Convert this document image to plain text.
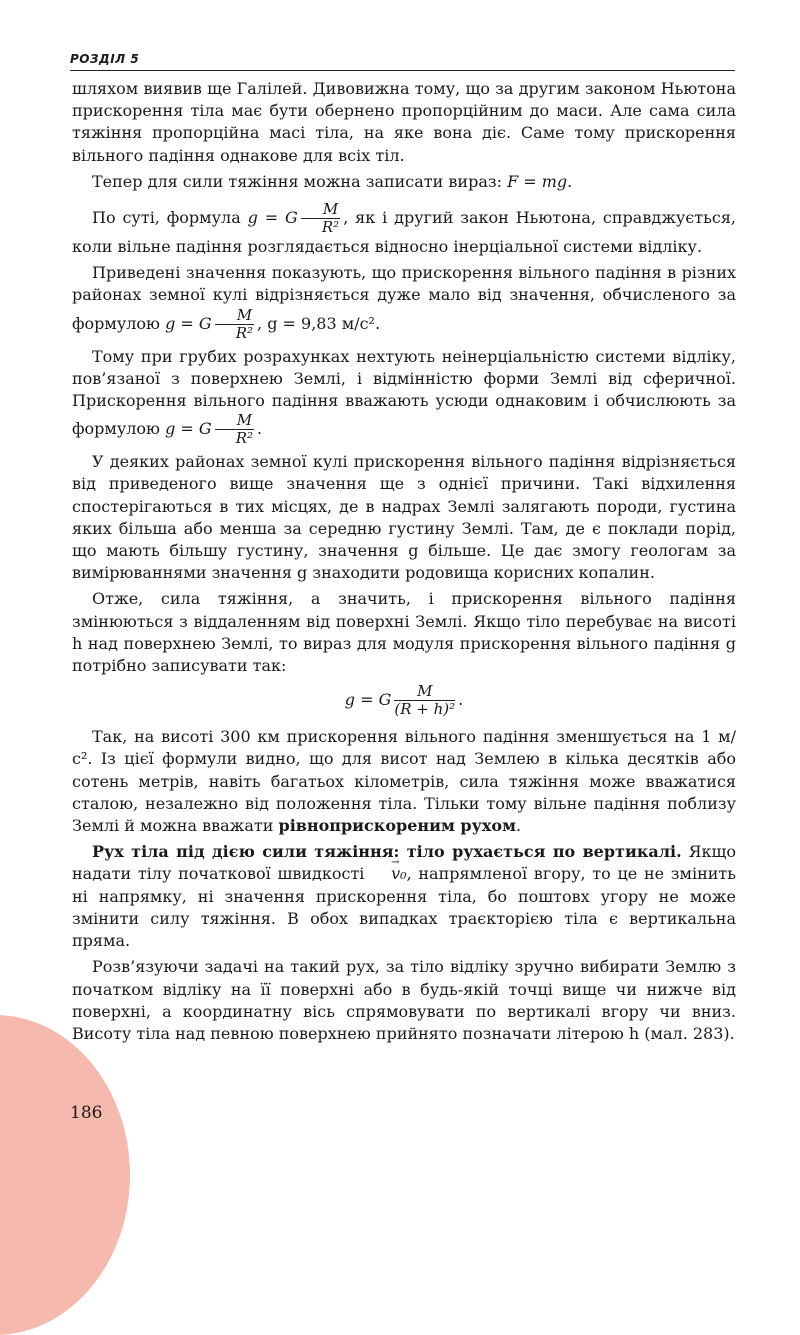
РОЗДІЛ 5

шляхом виявив ще Галілей. Дивовижна тому, що за другим законом Ньютона прискорення тіла має бути обернено пропорційним до маси. Але сама сила тяжіння пропорційна масі тіла, на яке вона діє. Саме тому прискорення вільного падіння однакове для всіх тіл.

Тепер для сили тяжіння можна записати вираз: F = mg.

По суті, формула g = G $\frac{M}{\text{R²}}$ , як і другий закон Ньютона, справджується, коли вільне падіння розглядається відносно інерціальної системи відліку.

Приведені значення показують, що прискорення вільного падіння в різних районах земної кулі відрізняється дуже мало від значення, обчисленого за формулою g = G $\frac{M}{\text{R²}}$ , g = 9,83 м/с².

Тому при грубих розрахунках нехтують неінерціальністю системи відліку, пов’язаної з поверхнею Землі, і відмінністю форми Землі від сферичної. Прискорення вільного падіння вважають усюди однаковим і обчислюють за формулою g = G $\frac{M}{\text{R²}}$ .

У деяких районах земної кулі прискорення вільного падіння відрізняється від приведеного вище значення ще з однієї причини. Такі відхилення спостерігаються в тих місцях, де в надрах Землі залягають породи, густина яких більша або менша за середню густину Землі. Там, де є поклади порід, що мають більшу густину, значення g більше. Це дає змогу геологам за вимірюваннями значення g знаходити родовища корисних копалин.

Отже, сила тяжіння, а значить, і прискорення вільного падіння змінюються з віддаленням від поверхні Землі. Якщо тіло перебуває на висоті h над поверхнею Землі, то вираз для модуля прискорення вільного падіння g потрібно записувати так:

g = G $\frac{M}{\text{(R + h)²}}$ .

Так, на висоті 300 км прискорення вільного падіння зменшується на 1 м/с². Із цієї формули видно, що для висот над Землею в кілька десятків або сотень метрів, навіть багатьох кілометрів, сила тяжіння може вважатися сталою, незалежно від положення тіла. Тільки тому вільне падіння поблизу Землі й можна вважати рівноприскореним рухом.

Рух тіла під дією сили тяжіння: тіло рухається по вертикалі. Якщо надати тілу початкової швидкості → v₀, напрямленої вгору, то це не змінить ні напрямку, ні значення прискорення тіла, бо поштовх угору не може змінити силу тяжіння. В обох випадках траєкторією тіла є вертикальна пряма.

Розв’язуючи задачі на такий рух, за тіло відліку зручно вибирати Землю з початком відліку на її поверхні або в будь-якій точці вище чи нижче від поверхні, а координатну вісь спрямовувати по вертикалі вгору чи вниз. Висоту тіла над певною поверхнею прийнято позначати літерою h (мал. 283).

186
